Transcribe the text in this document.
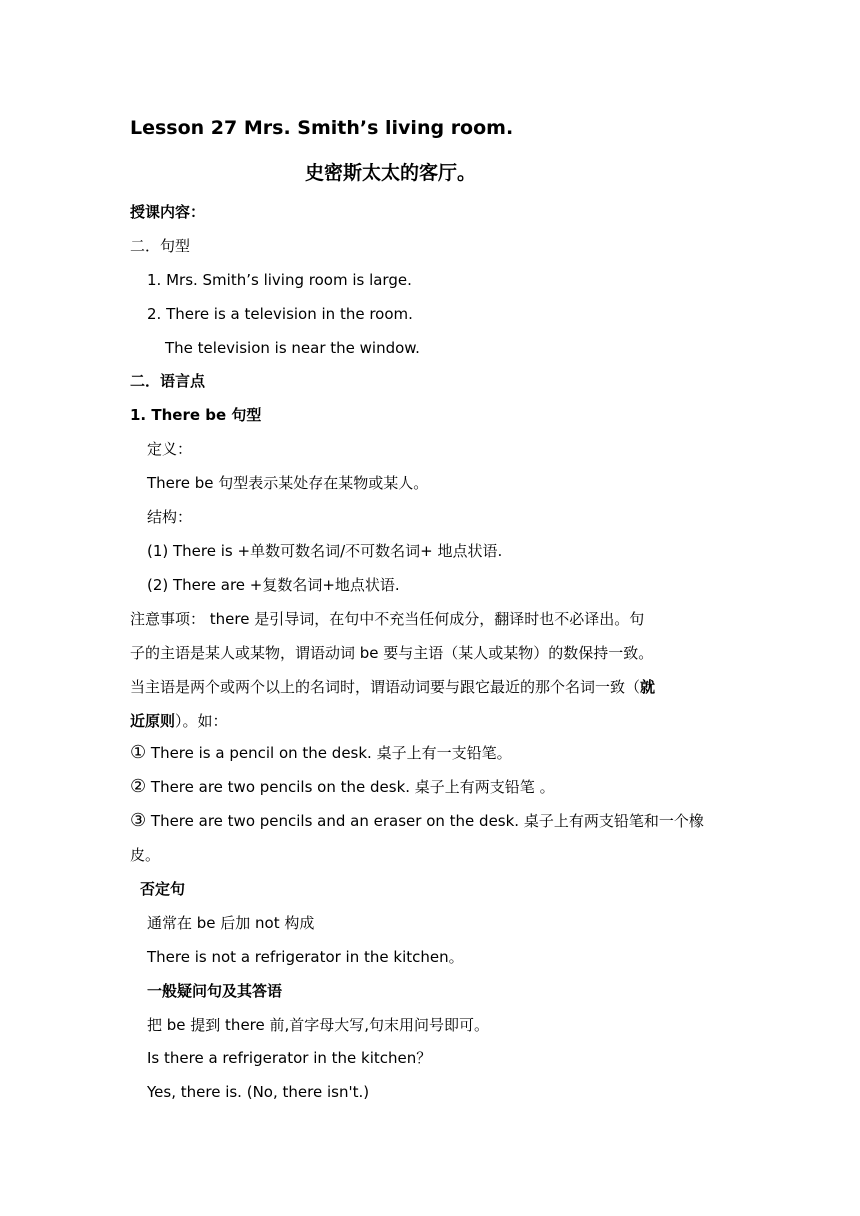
Lesson 27 Mrs. Smith’s living room.
史密斯太太的客厅。
授课内容：
二．句型
1. Mrs. Smith’s living room is large.
2. There is a television in the room.
The television is near the window.
二．语言点
1. There be 句型
定义：
There be 句型表示某处存在某物或某人。
结构：
(1) There is +单数可数名词/不可数名词+ 地点状语.
(2) There are +复数名词+地点状语.
注意事项： there 是引导词，在句中不充当任何成分，翻译时也不必译出。句
子的主语是某人或某物，谓语动词 be 要与主语（某人或某物）的数保持一致。
当主语是两个或两个以上的名词时，谓语动词要与跟它最近的那个名词一致（就
近原则）。如：
① There is a pencil on the desk. 桌子上有一支铅笔。
② There are two pencils on the desk. 桌子上有两支铅笔 。
③ There are two pencils and an eraser on the desk. 桌子上有两支铅笔和一个橡
皮。
否定句
通常在 be 后加 not 构成
There is not a refrigerator in the kitchen。
一般疑问句及其答语
把 be 提到 there 前,首字母大写,句末用问号即可。
Is there a refrigerator in the kitchen？
Yes, there is. (No, there isn't.)
